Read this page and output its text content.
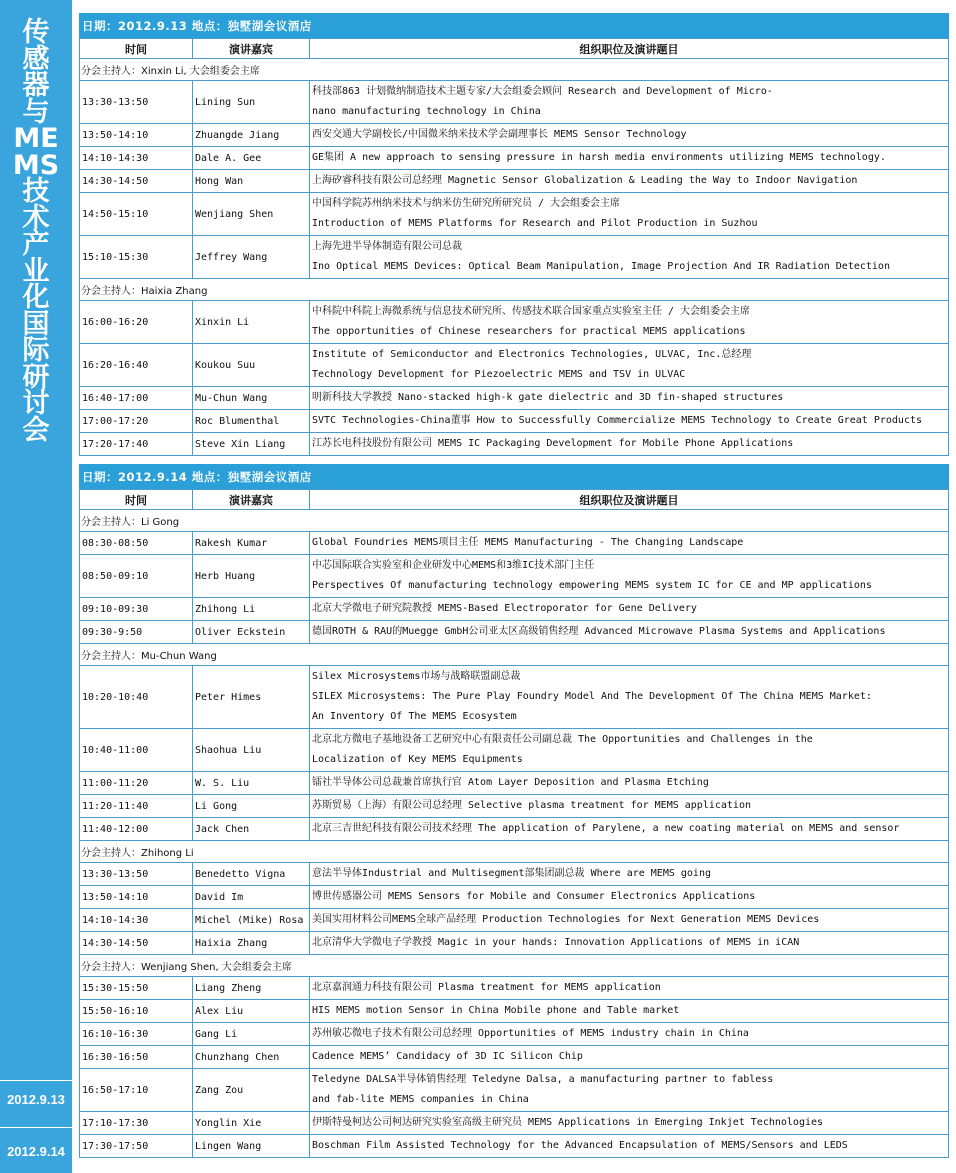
传感器与MEMS技术产业化国际研讨会
2012.9.13
2012.9.14
日期：2012.9.13 地点：独墅湖会议酒店
时间	演讲嘉宾	组织职位及演讲题目
分会主持人：Xinxin Li, 大会组委会主席		
13:30-13:50	Lining Sun	科技部863 计划微纳制造技术主题专家/大会组委会顾问 Research and Development of Micro-
nano manufacturing technology in China

13:50-14:10	Zhuangde Jiang	西安交通大学副校长/中国微米纳米技术学会副理事长 MEMS Sensor Technology

14:10-14:30	Dale A. Gee	GE集团 A new approach to sensing pressure in harsh media environments utilizing MEMS technology.

14:30-14:50	Hong Wan	上海矽睿科技有限公司总经理 Magnetic Sensor Globalization & Leading the Way to Indoor Navigation

14:50-15:10	Wenjiang Shen	中国科学院苏州纳米技术与纳米仿生研究所研究员 / 大会组委会主席
Introduction of MEMS Platforms for Research and Pilot Production in Suzhou

15:10-15:30	Jeffrey Wang	上海先进半导体制造有限公司总裁
Ino Optical MEMS Devices: Optical Beam Manipulation, Image Projection And IR Radiation Detection

分会主持人：Haixia Zhang		
16:00-16:20	Xinxin Li	中科院中科院上海微系统与信息技术研究所、传感技术联合国家重点实验室主任 / 大会组委会主席
The opportunities of Chinese researchers for practical MEMS applications

16:20-16:40	Koukou Suu	Institute of Semiconductor and Electronics Technologies, ULVAC, Inc.总经理
Technology Development for Piezoelectric MEMS and TSV in ULVAC

16:40-17:00	Mu-Chun Wang	明新科技大学教授 Nano-stacked high-k gate dielectric and 3D fin-shaped structures

17:00-17:20	Roc Blumenthal	SVTC Technologies-China董事 How to Successfully Commercialize MEMS Technology to Create Great Products

17:20-17:40	Steve Xin Liang	江苏长电科技股份有限公司 MEMS IC Packaging Development for Mobile Phone Applications
日期：2012.9.14 地点：独墅湖会议酒店
时间	演讲嘉宾	组织职位及演讲题目
分会主持人：Li Gong		
08:30-08:50	Rakesh Kumar	Global Foundries MEMS项目主任 MEMS Manufacturing - The Changing Landscape

08:50-09:10	Herb Huang	中芯国际联合实验室和企业研发中心MEMS和3维IC技术部门主任
Perspectives Of manufacturing technology empowering MEMS system IC for CE and MP applications

09:10-09:30	Zhihong Li	北京大学微电子研究院教授 MEMS-Based Electroporator for Gene Delivery

09:30-9:50	Oliver Eckstein	德国ROTH & RAU的Muegge GmbH公司亚太区高级销售经理 Advanced Microwave Plasma Systems and Applications

分会主持人：Mu-Chun Wang		
10:20-10:40	Peter Himes	Silex Microsystems市场与战略联盟副总裁
SILEX Microsystems: The Pure Play Foundry Model And The Development Of The China MEMS Market:
An Inventory Of The MEMS Ecosystem

10:40-11:00	Shaohua Liu	北京北方微电子基地设备工艺研究中心有限责任公司副总裁 The Opportunities and Challenges in the
Localization of Key MEMS Equipments

11:00-11:20	W. S. Liu	镭社半导体公司总裁兼首席执行官 Atom Layer Deposition and Plasma Etching

11:20-11:40	Li Gong	苏斯贸易（上海）有限公司总经理 Selective plasma treatment for MEMS application

11:40-12:00	Jack Chen	北京三吉世纪科技有限公司技术经理 The application of Parylene, a new coating material on MEMS and sensor

分会主持人：Zhihong Li		
13:30-13:50	Benedetto Vigna	意法半导体Industrial and Multisegment部集团副总裁 Where are MEMS going

13:50-14:10	David Im	博世传感器公司 MEMS Sensors for Mobile and Consumer Electronics Applications

14:10-14:30	Michel (Mike) Rosa	美国实用材料公司MEMS全球产品经理 Production Technologies for Next Generation MEMS Devices

14:30-14:50	Haixia Zhang	北京清华大学微电子学教授 Magic in your hands: Innovation Applications of MEMS in iCAN

分会主持人：Wenjiang Shen, 大会组委会主席		
15:30-15:50	Liang Zheng	北京嘉润通力科技有限公司 Plasma treatment for MEMS application

15:50-16:10	Alex Liu	HIS MEMS motion Sensor in China Mobile phone and Table market

16:10-16:30	Gang Li	苏州敏芯微电子技术有限公司总经理 Opportunities of MEMS industry chain in China

16:30-16:50	Chunzhang Chen	Cadence MEMS’ Candidacy of 3D IC Silicon Chip

16:50-17:10	Zang Zou	Teledyne DALSA半导体销售经理 Teledyne Dalsa, a manufacturing partner to fabless
and fab-lite MEMS companies in China

17:10-17:30	Yonglin Xie	伊斯特曼柯达公司柯达研究实验室高级主研究员 MEMS Applications in Emerging Inkjet Technologies

17:30-17:50	Lingen Wang	Boschman Film Assisted Technology for the Advanced Encapsulation of MEMS/Sensors and LEDS
